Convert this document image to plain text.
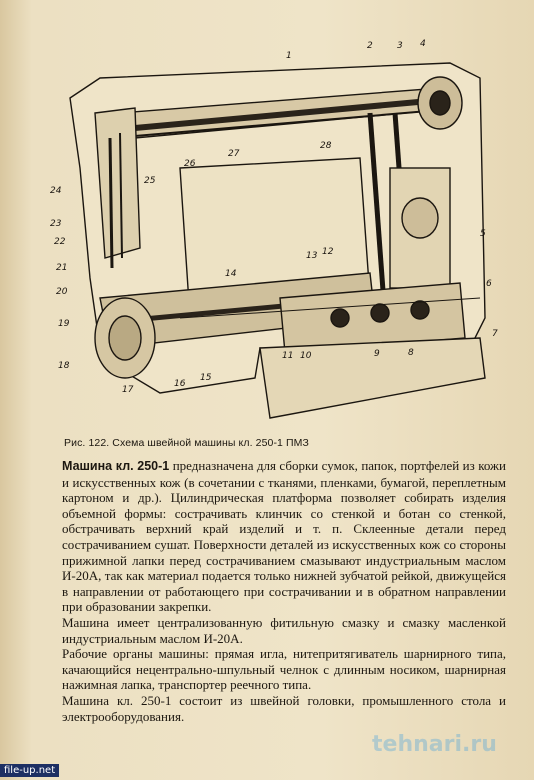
1
2	3 4
5
6
7
8
9
10
11
12
13
14
15
16
17
18
19
20
21
22
23
24
25
26
27
28
Рис. 122. Схема швейной машины кл. 250-1 ПМЗ

Машина кл. 250-1 предназначена для сборки сумок, папок, портфелей из кожи и искусственных кож (в сочетании с тканями, пленками, бумагой, переплетным картоном и др.). Цилиндрическая платформа позволяет собирать изделия объемной формы: сострачивать клинчик со стенкой и ботан со стенкой, обстрачивать верхний край изделий и т. п. Склеенные детали перед сострачиванием сушат. Поверхности деталей из искусственных кож со стороны прижимной лапки перед сострачиванием смазывают индустриальным маслом И-20А, так как материал подается только нижней зубчатой рейкой, движущейся в направлении от работающего при сострачивании и в обратном направлении при образовании закрепки.

Машина имеет централизованную фитильную смазку и смазку масленкой индустриальным маслом И-20А.

Рабочие органы машины: прямая игла, нитепритягиватель шарнирного типа, качающийся нецентрально-шпульный челнок с длинным носиком, шарнирная нажимная лапка, транспортер реечного типа.

Машина кл. 250-1 состоит из швейной головки, промышленного стола и электрооборудования.

tehnari.ru
file-up.net
